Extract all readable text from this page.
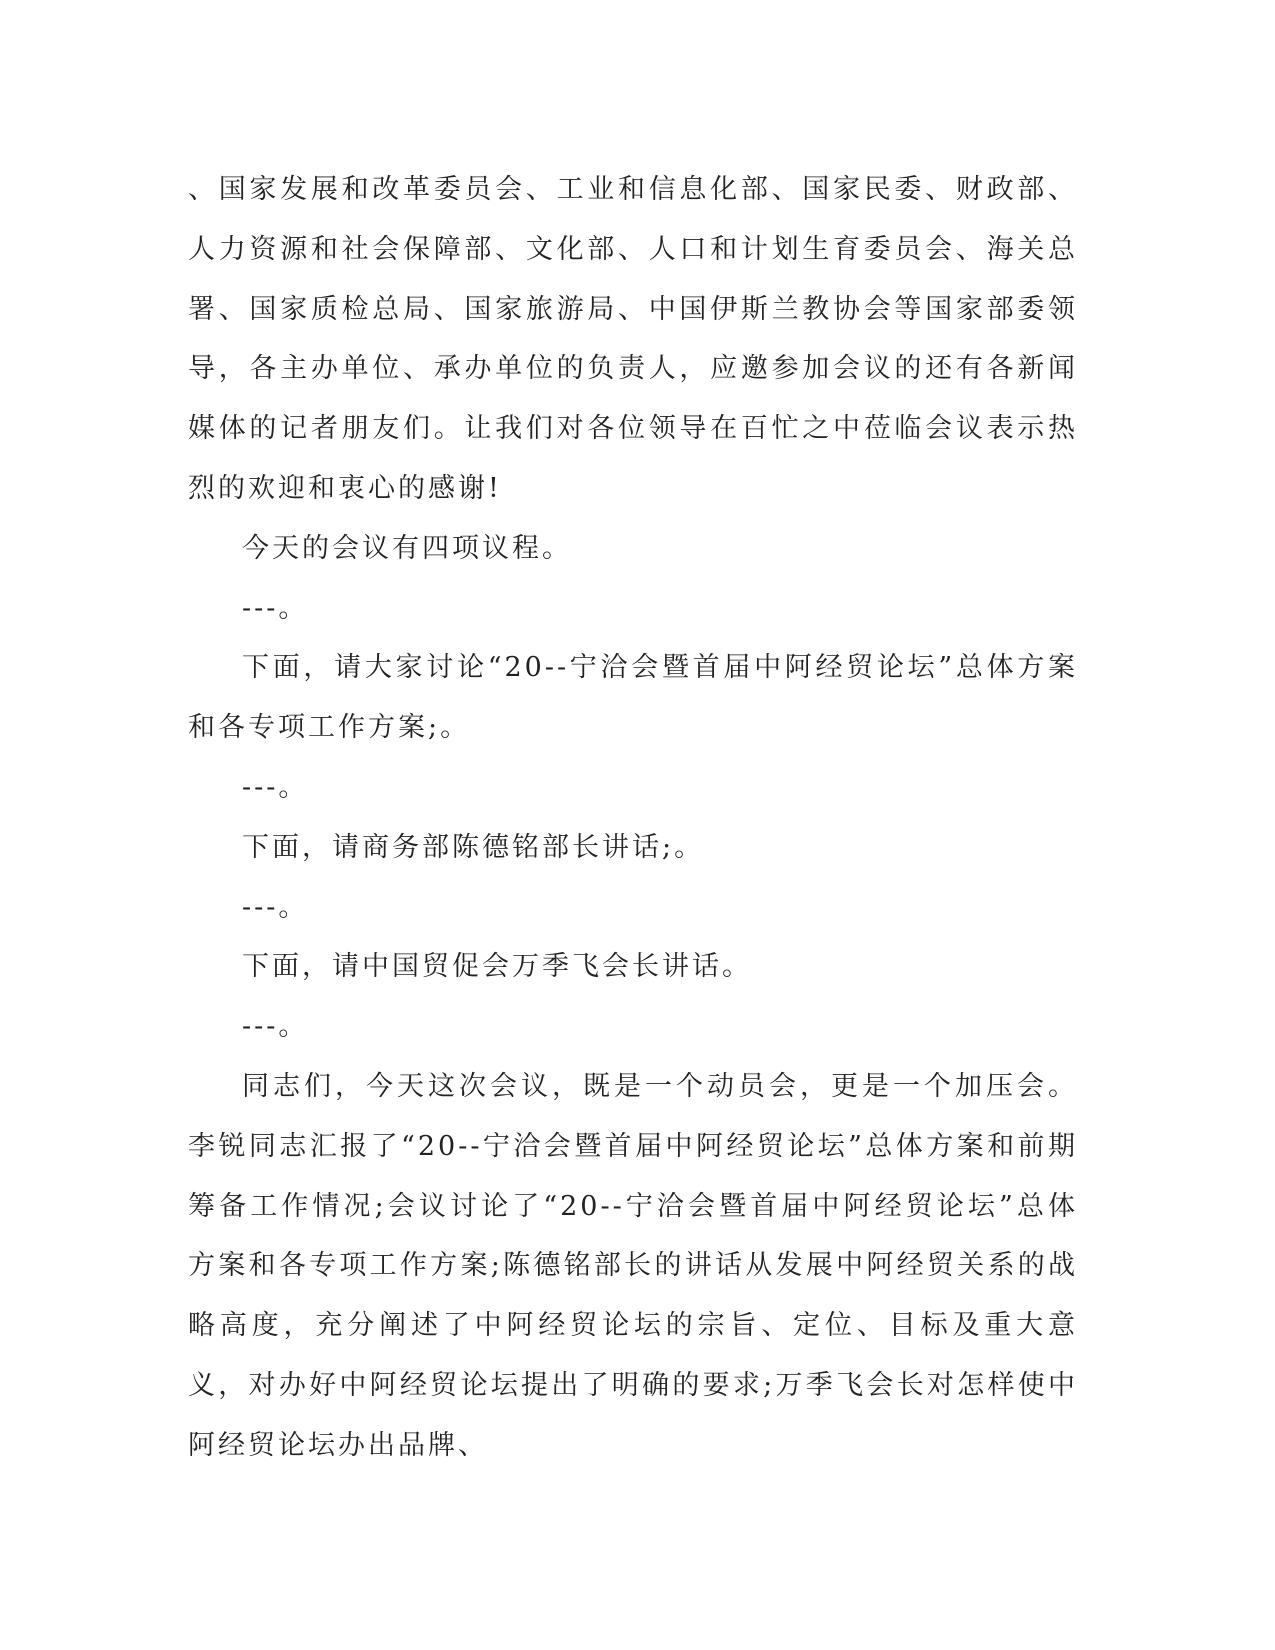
、国家发展和改革委员会、工业和信息化部、国家民委、财政部、人力资源和社会保障部、文化部、人口和计划生育委员会、海关总署、国家质检总局、国家旅游局、中国伊斯兰教协会等国家部委领导，各主办单位、承办单位的负责人，应邀参加会议的还有各新闻媒体的记者朋友们。让我们对各位领导在百忙之中莅临会议表示热烈的欢迎和衷心的感谢!

今天的会议有四项议程。

---。

下面，请大家讨论“20--宁洽会暨首届中阿经贸论坛”总体方案和各专项工作方案;。

---。

下面，请商务部陈德铭部长讲话;。

---。

下面，请中国贸促会万季飞会长讲话。

---。

同志们，今天这次会议，既是一个动员会，更是一个加压会。李锐同志汇报了“20--宁洽会暨首届中阿经贸论坛”总体方案和前期筹备工作情况;会议讨论了“20--宁洽会暨首届中阿经贸论坛”总体方案和各专项工作方案;陈德铭部长的讲话从发展中阿经贸关系的战略高度，充分阐述了中阿经贸论坛的宗旨、定位、目标及重大意义，对办好中阿经贸论坛提出了明确的要求;万季飞会长对怎样使中阿经贸论坛办出品牌、
